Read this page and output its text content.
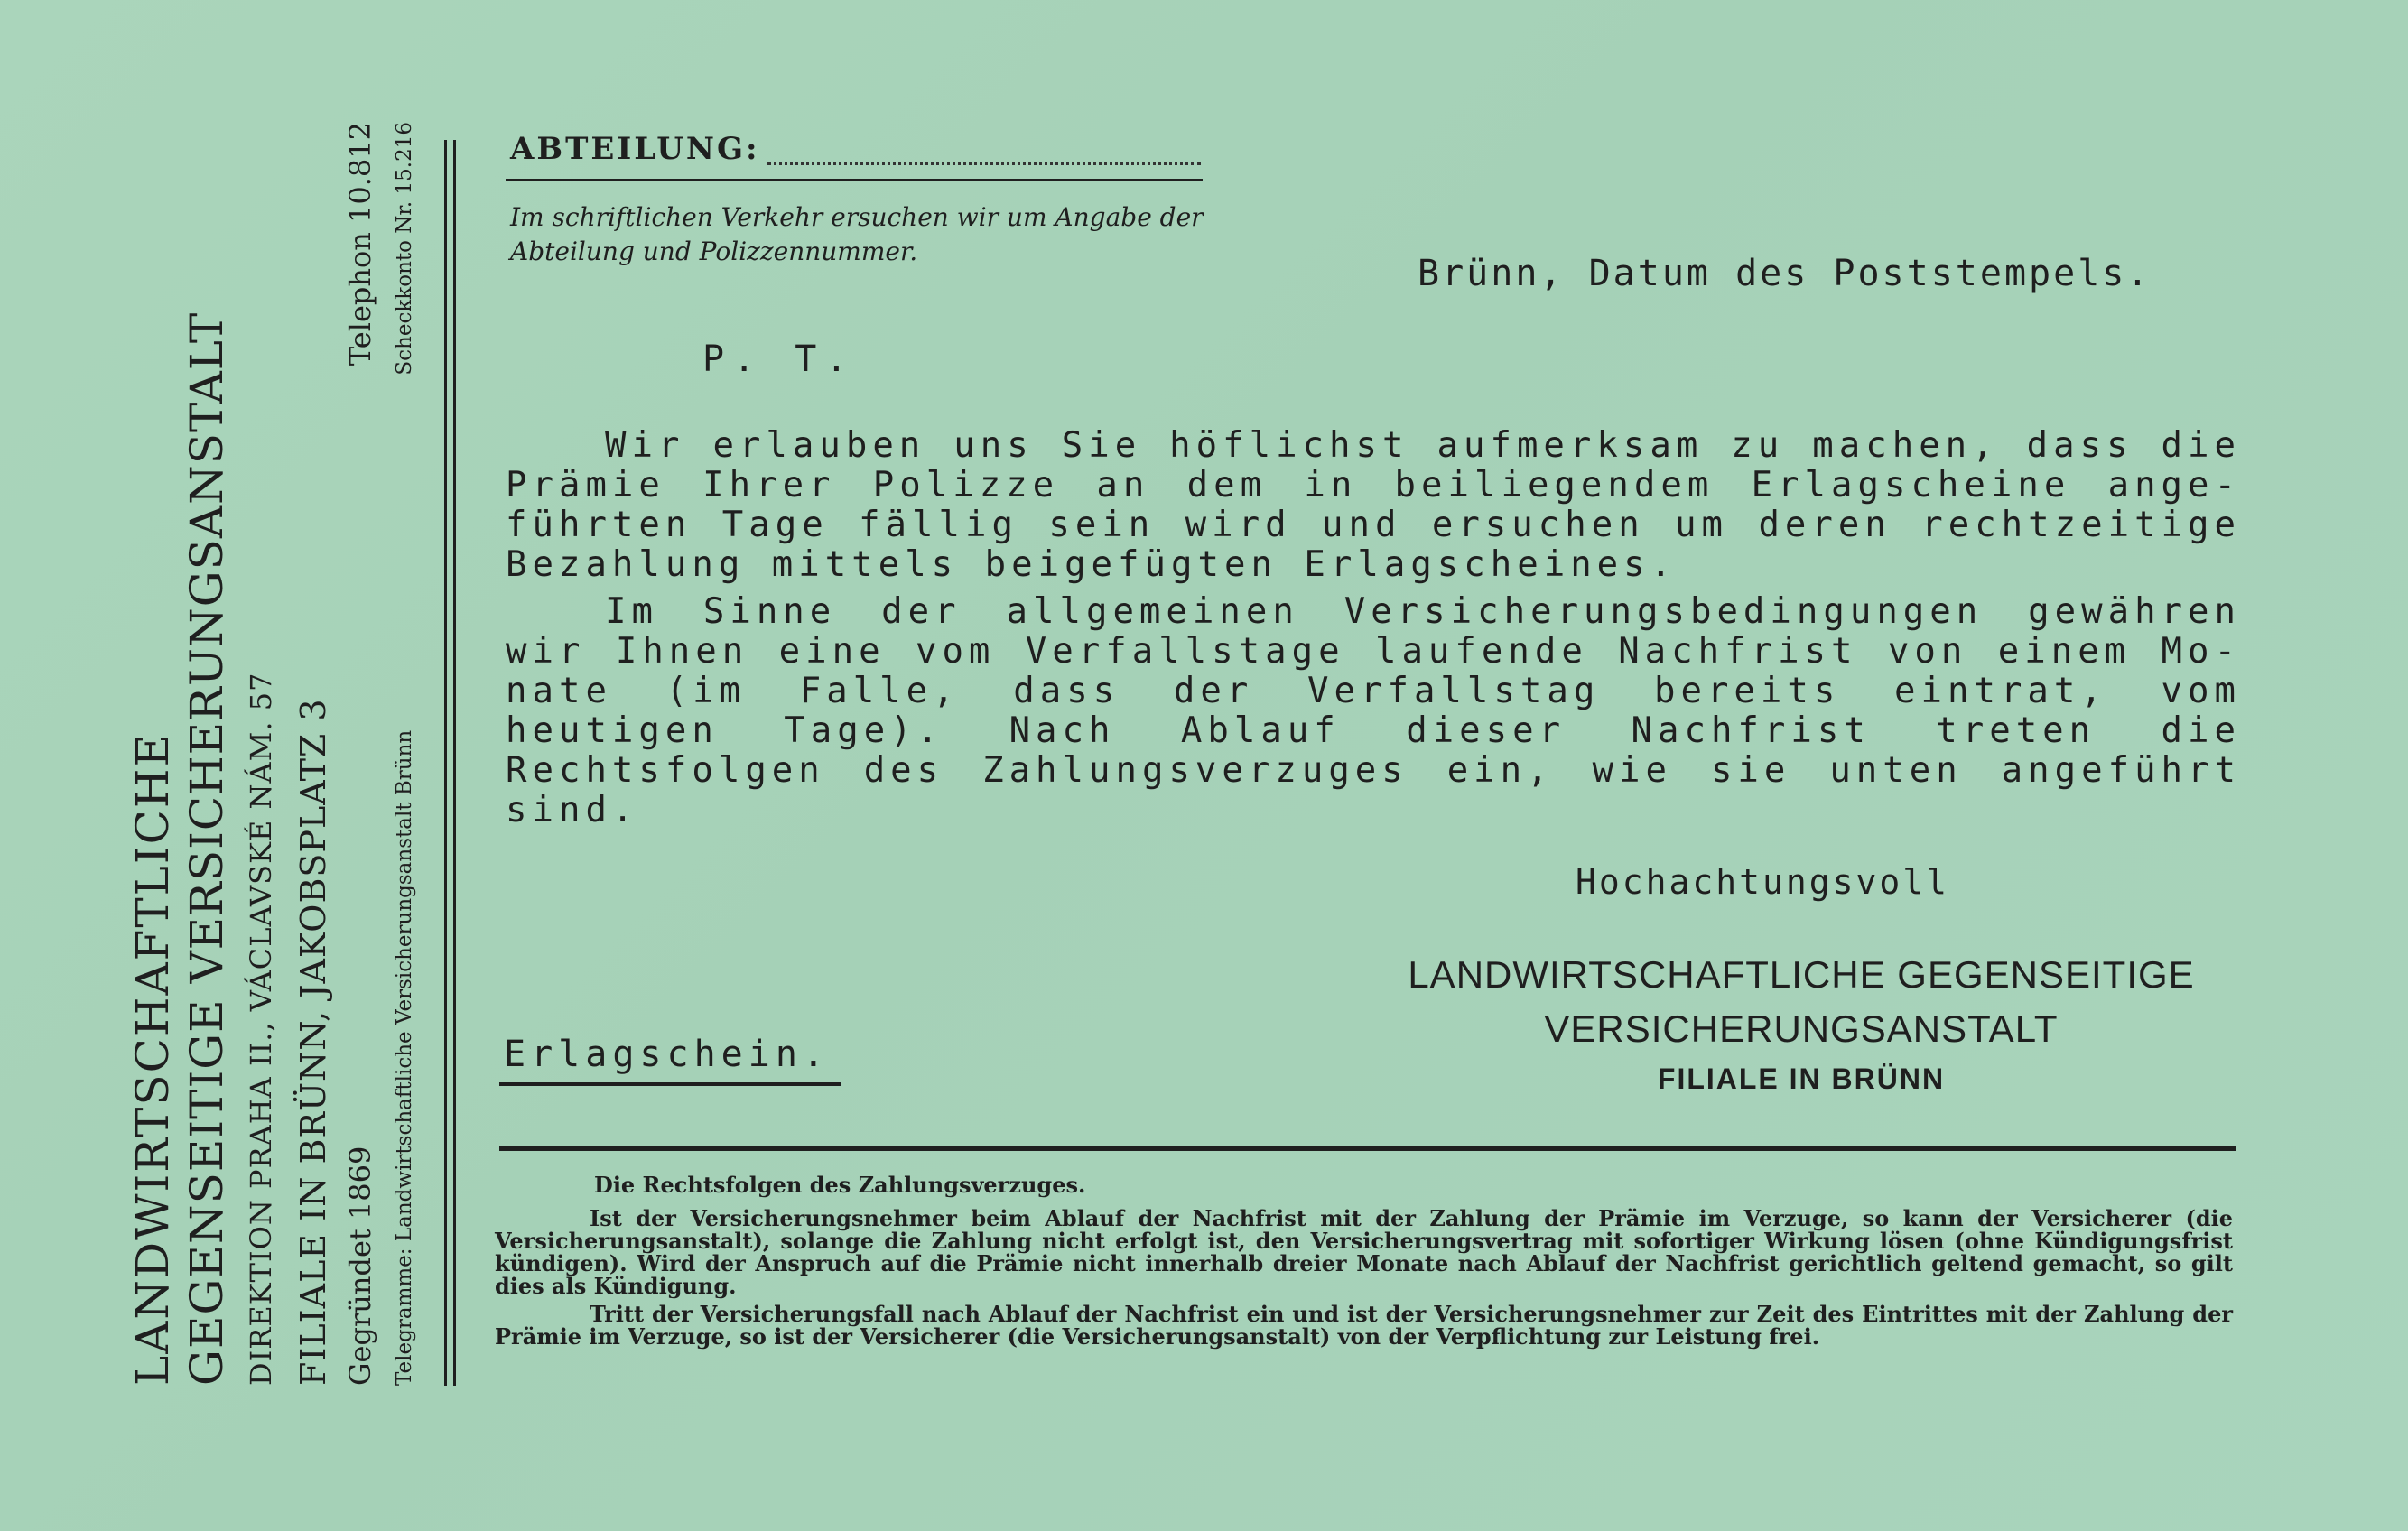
LANDWIRTSCHAFTLICHE GEGENSEITIGE VERSICHERUNGSANSTALT DIREKTION PRAHA II., VÁCLAVSKÉ NÁM. 57 FILIALE IN BRÜNN, JAKOBSPLATZ 3 Gegründet 1869
Telephon 10.812
Telegramme: Landwirtschaftliche Versicherungsanstalt Brünn
Scheckkonto Nr. 15.216	ABTEILUNG:
Im schriftlichen Verkehr ersuchen wir um Angabe der Abteilung und Polizzennummer.
Brünn, Datum des Poststempels.
P. T.

Wir erlauben uns Sie höflichst aufmerksam zu machen, dass die Prämie Ihrer Polizze an dem in beiliegendem Erlagscheine ange- führten Tage fällig sein wird und ersuchen um deren rechtzeitige Bezahlung mittels beigefügten Erlagscheines.

Im Sinne der allgemeinen Versicherungsbedingungen gewähren wir Ihnen eine vom Verfallstage laufende Nachfrist von einem Mo- nate (im Falle, dass der Verfallstag bereits eintrat, vom heutigen Tage). Nach Ablauf dieser Nachfrist treten die Rechtsfolgen des Zahlungsverzuges ein, wie sie unten angeführt sind.

Hochachtungsvoll
LANDWIRTSCHAFTLICHE GEGENSEITIGE
VERSICHERUNGSANSTALT
FILIALE IN BRÜNN
Erlagschein.
Die Rechtsfolgen des Zahlungsverzuges.

Ist der Versicherungsnehmer beim Ablauf der Nachfrist mit der Zahlung der Prämie im Verzuge, so kann der Versicherer (die Versicherungsanstalt), solange die Zahlung nicht erfolgt ist, den Versicherungsvertrag mit sofortiger Wirkung lösen (ohne Kündigungsfrist kündigen). Wird der Anspruch auf die Prämie nicht innerhalb dreier Monate nach Ablauf der Nachfrist gerichtlich geltend gemacht, so gilt dies als Kündigung.

Tritt der Versicherungsfall nach Ablauf der Nachfrist ein und ist der Versicherungsnehmer zur Zeit des Eintrittes mit der Zahlung der Prämie im Verzuge, so ist der Versicherer (die Versicherungsanstalt) von der Verpflichtung zur Leistung frei.
